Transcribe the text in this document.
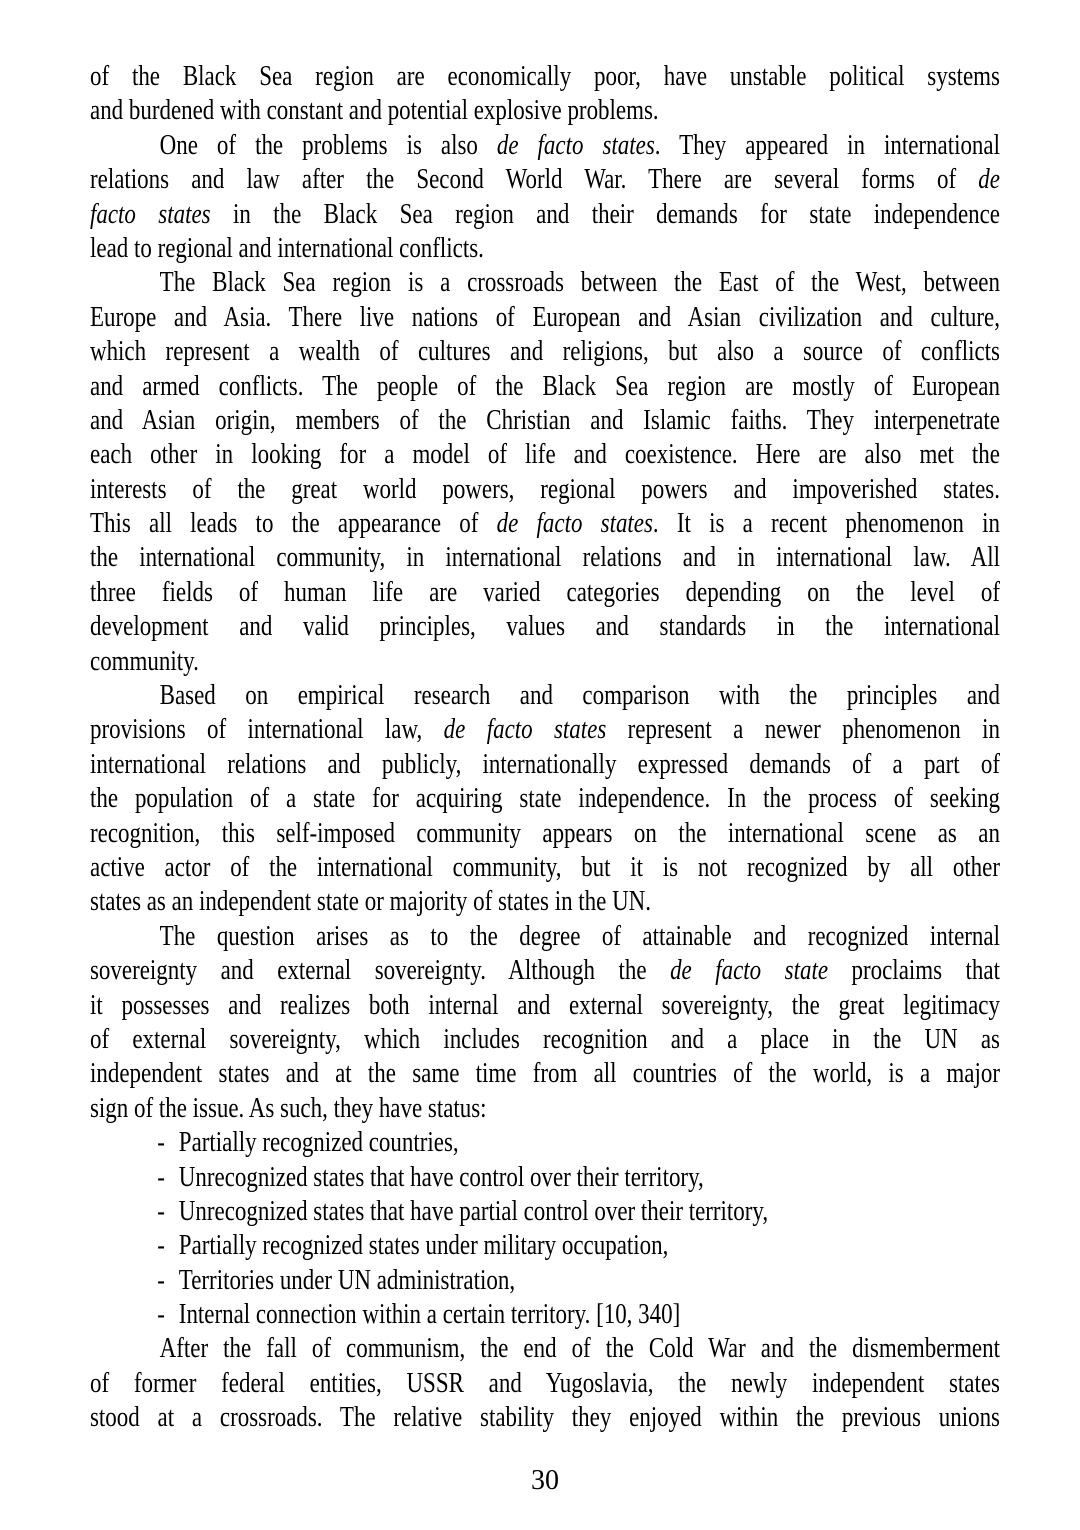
of the Black Sea region are economically poor, have unstable political systems
and burdened with constant and potential explosive problems.
One of the problems is also de facto states. They appeared in international
relations and law after the Second World War. There are several forms of de
facto states in the Black Sea region and their demands for state independence
lead to regional and international conflicts.
The Black Sea region is a crossroads between the East of the West, between
Europe and Asia. There live nations of European and Asian civilization and culture,
which represent a wealth of cultures and religions, but also a source of conflicts
and armed conflicts. The people of the Black Sea region are mostly of European
and Asian origin, members of the Christian and Islamic faiths. They interpenetrate
each other in looking for a model of life and coexistence. Here are also met the
interests of the great world powers, regional powers and impoverished states.
This all leads to the appearance of de facto states. It is a recent phenomenon in
the international community, in international relations and in international law. All
three fields of human life are varied categories depending on the level of
development and valid principles, values and standards in the international
community.
Based on empirical research and comparison with the principles and
provisions of international law, de facto states represent a newer phenomenon in
international relations and publicly, internationally expressed demands of a part of
the population of a state for acquiring state independence. In the process of seeking
recognition, this self-imposed community appears on the international scene as an
active actor of the international community, but it is not recognized by all other
states as an independent state or majority of states in the UN.
The question arises as to the degree of attainable and recognized internal
sovereignty and external sovereignty. Although the de facto state proclaims that
it possesses and realizes both internal and external sovereignty, the great legitimacy
of external sovereignty, which includes recognition and a place in the UN as
independent states and at the same time from all countries of the world, is a major
sign of the issue. As such, they have status:
- Partially recognized countries,
- Unrecognized states that have control over their territory,
- Unrecognized states that have partial control over their territory,
- Partially recognized states under military occupation,
- Territories under UN administration,
- Internal connection within a certain territory. [10, 340]
After the fall of communism, the end of the Cold War and the dismemberment
of former federal entities, USSR and Yugoslavia, the newly independent states
stood at a crossroads. The relative stability they enjoyed within the previous unions
30
